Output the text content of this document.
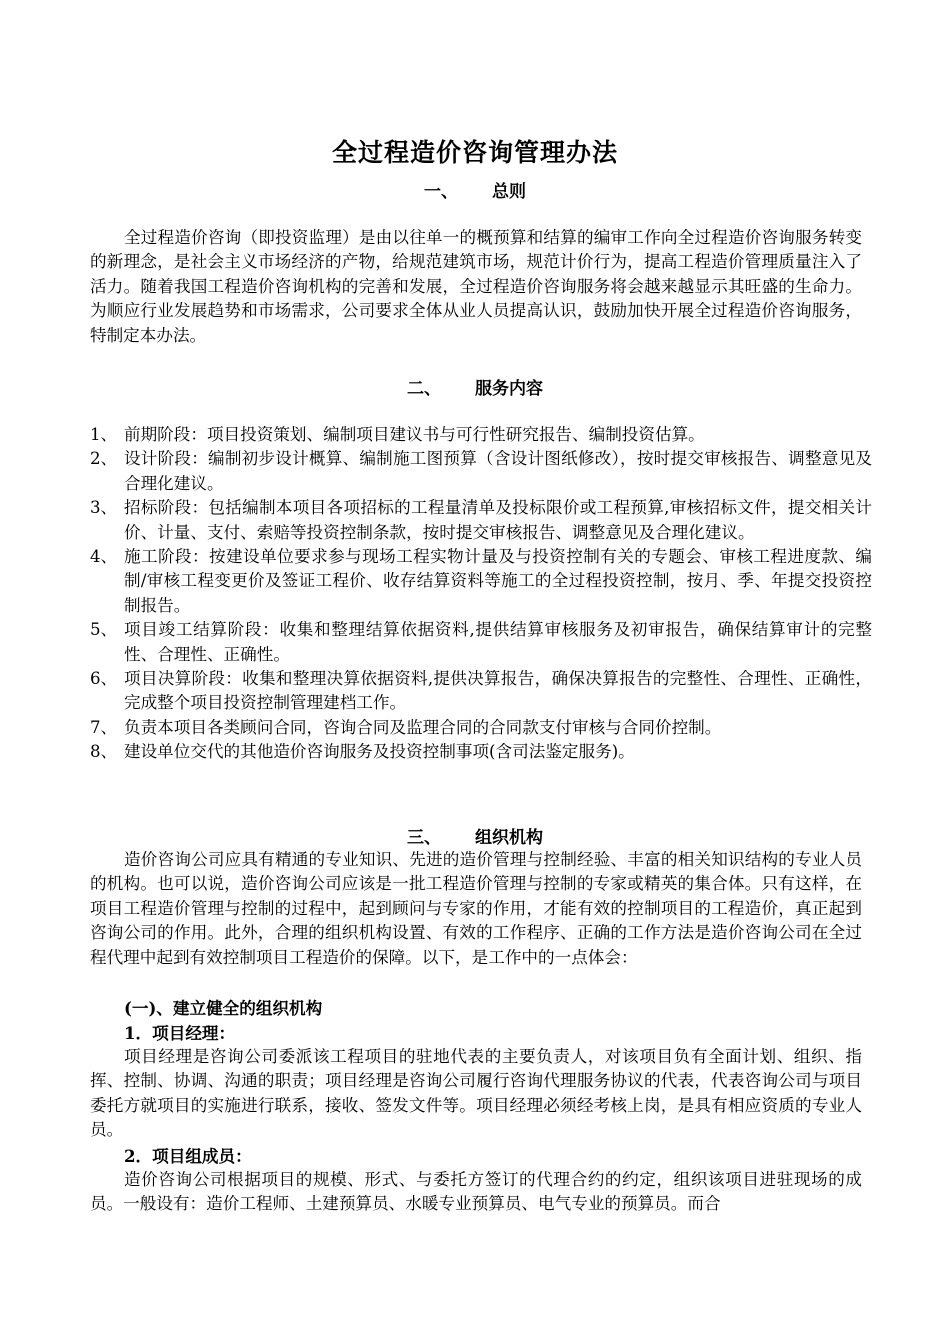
全过程造价咨询管理办法
一、 总则

全过程造价咨询（即投资监理）是由以往单一的概预算和结算的编审工作向全过程造价咨询服务转变的新理念，是社会主义市场经济的产物，给规范建筑市场，规范计价行为，提高工程造价管理质量注入了活力。随着我国工程造价咨询机构的完善和发展，全过程造价咨询服务将会越来越显示其旺盛的生命力。为顺应行业发展趋势和市场需求，公司要求全体从业人员提高认识，鼓励加快开展全过程造价咨询服务，特制定本办法。

二、 服务内容
1、 前期阶段：项目投资策划、编制项目建议书与可行性研究报告、编制投资估算。
2、 设计阶段：编制初步设计概算、编制施工图预算（含设计图纸修改），按时提交审核报告、调整意见及合理化建议。
3、 招标阶段：包括编制本项目各项招标的工程量清单及投标限价或工程预算,审核招标文件，提交相关计价、计量、支付、索赔等投资控制条款，按时提交审核报告、调整意见及合理化建议。
4、 施工阶段：按建设单位要求参与现场工程实物计量及与投资控制有关的专题会、审核工程进度款、编制/审核工程变更价及签证工程价、收存结算资料等施工的全过程投资控制，按月、季、年提交投资控制报告。
5、 项目竣工结算阶段：收集和整理结算依据资料,提供结算审核服务及初审报告，确保结算审计的完整性、合理性、正确性。
6、 项目决算阶段：收集和整理决算依据资料,提供决算报告，确保决算报告的完整性、合理性、正确性，完成整个项目投资控制管理建档工作。
7、 负责本项目各类顾问合同，咨询合同及监理合同的合同款支付审核与合同价控制。
8、 建设单位交代的其他造价咨询服务及投资控制事项(含司法鉴定服务)。
三、 组织机构

造价咨询公司应具有精通的专业知识、先进的造价管理与控制经验、丰富的相关知识结构的专业人员的机构。也可以说，造价咨询公司应该是一批工程造价管理与控制的专家或精英的集合体。只有这样，在项目工程造价管理与控制的过程中，起到顾问与专家的作用，才能有效的控制项目的工程造价，真正起到咨询公司的作用。此外，合理的组织机构设置、有效的工作程序、正确的工作方法是造价咨询公司在全过程代理中起到有效控制项目工程造价的保障。以下，是工作中的一点体会：

(一)、建立健全的组织机构

1．项目经理：

项目经理是咨询公司委派该工程项目的驻地代表的主要负责人，对该项目负有全面计划、组织、指挥、控制、协调、沟通的职责；项目经理是咨询公司履行咨询代理服务协议的代表，代表咨询公司与项目委托方就项目的实施进行联系，接收、签发文件等。项目经理必须经考核上岗，是具有相应资质的专业人员。

2．项目组成员：

造价咨询公司根据项目的规模、形式、与委托方签订的代理合约的约定，组织该项目进驻现场的成员。一般设有：造价工程师、土建预算员、水暖专业预算员、电气专业的预算员。而合
